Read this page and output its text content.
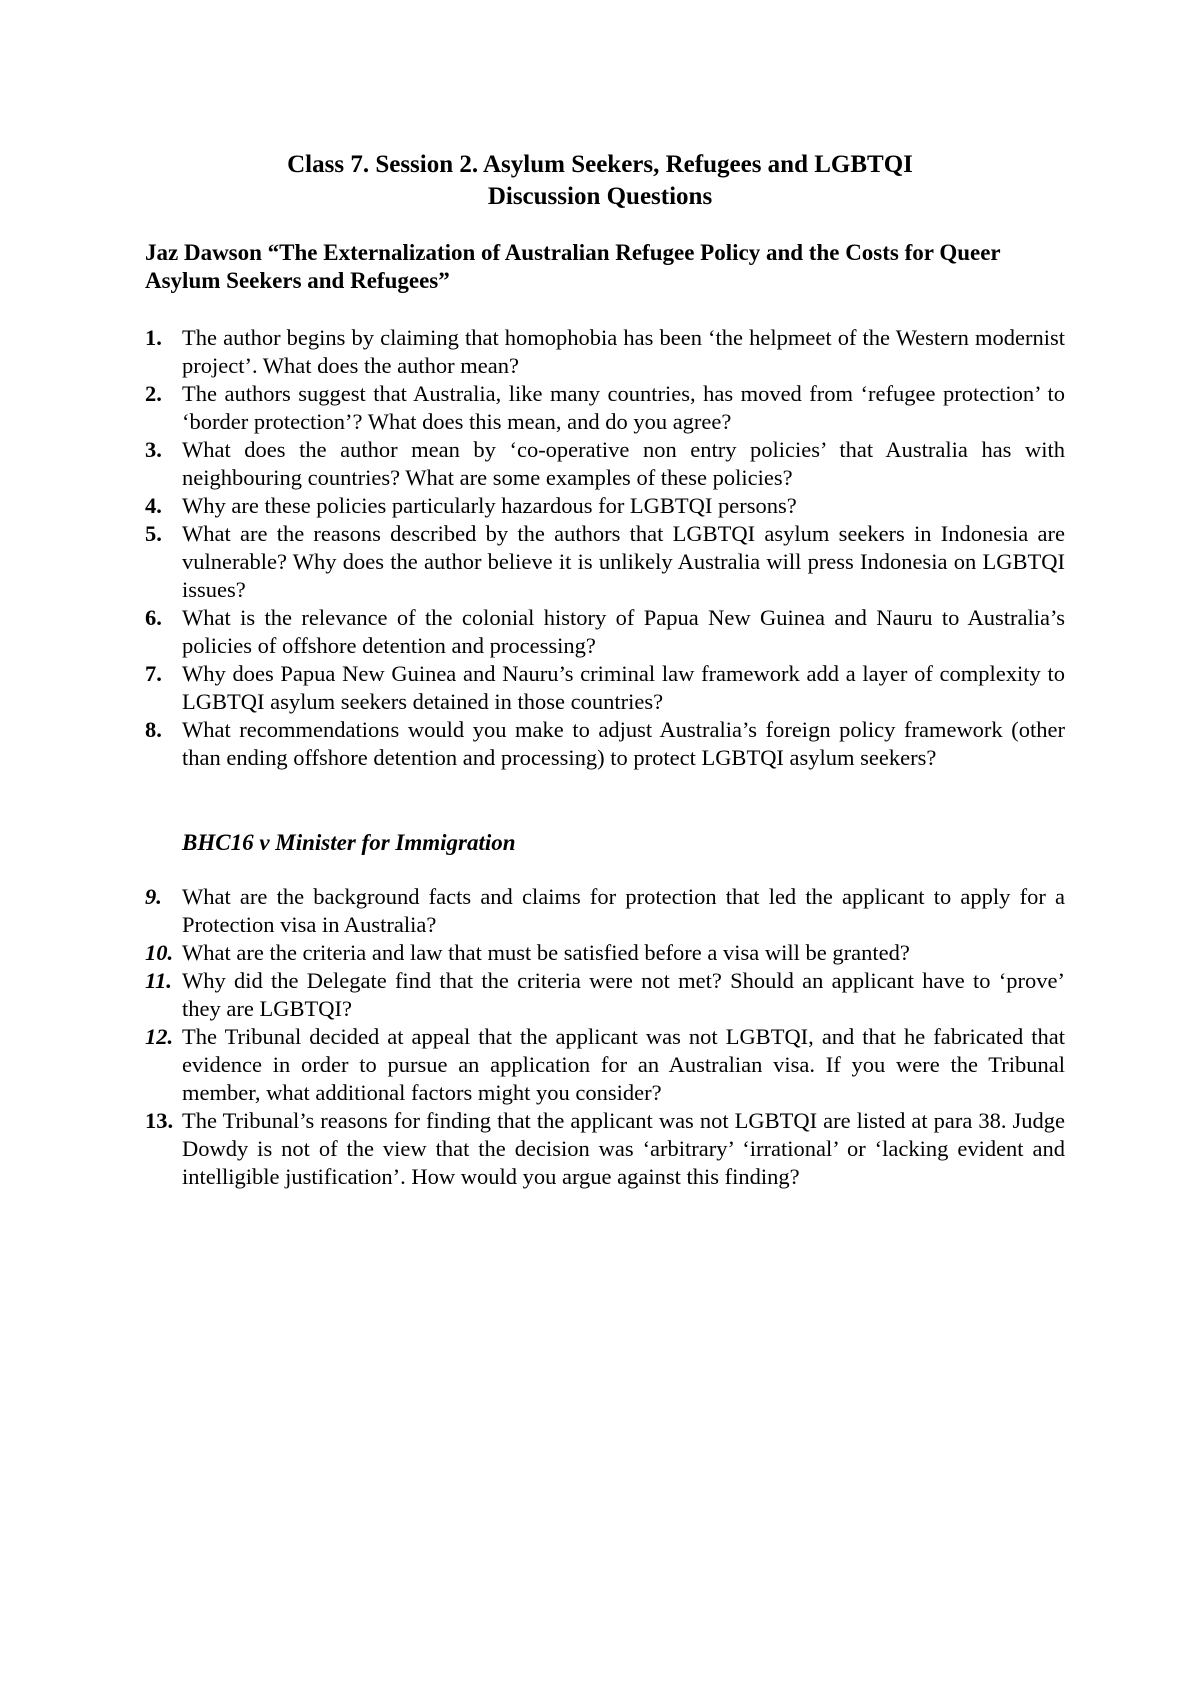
Class 7. Session 2. Asylum Seekers, Refugees and LGBTQI

Discussion Questions

Jaz Dawson “The Externalization of Australian Refugee Policy and the Costs for Queer

Asylum Seekers and Refugees”

1. The author begins by claiming that homophobia has been ‘the helpmeet of the Western modernist project’. What does the author mean?
2. The authors suggest that Australia, like many countries, has moved from ‘refugee protection’ to ‘border protection’? What does this mean, and do you agree?
3. What does the author mean by ‘co-operative non entry policies’ that Australia has with neighbouring countries? What are some examples of these policies?
4. Why are these policies particularly hazardous for LGBTQI persons?
5. What are the reasons described by the authors that LGBTQI asylum seekers in Indonesia are vulnerable? Why does the author believe it is unlikely Australia will press Indonesia on LGBTQI issues?
6. What is the relevance of the colonial history of Papua New Guinea and Nauru to Australia’s policies of offshore detention and processing?
7. Why does Papua New Guinea and Nauru’s criminal law framework add a layer of complexity to LGBTQI asylum seekers detained in those countries?
8. What recommendations would you make to adjust Australia’s foreign policy framework (other than ending offshore detention and processing) to protect LGBTQI asylum seekers?

BHC16 v Minister for Immigration

9. What are the background facts and claims for protection that led the applicant to apply for a Protection visa in Australia?
10. What are the criteria and law that must be satisfied before a visa will be granted?
11. Why did the Delegate find that the criteria were not met? Should an applicant have to ‘prove’ they are LGBTQI?
12. The Tribunal decided at appeal that the applicant was not LGBTQI, and that he fabricated that evidence in order to pursue an application for an Australian visa. If you were the Tribunal member, what additional factors might you consider?
13. The Tribunal’s reasons for finding that the applicant was not LGBTQI are listed at para 38. Judge Dowdy is not of the view that the decision was ‘arbitrary’ ‘irrational’ or ‘lacking evident and intelligible justification’. How would you argue against this finding?
